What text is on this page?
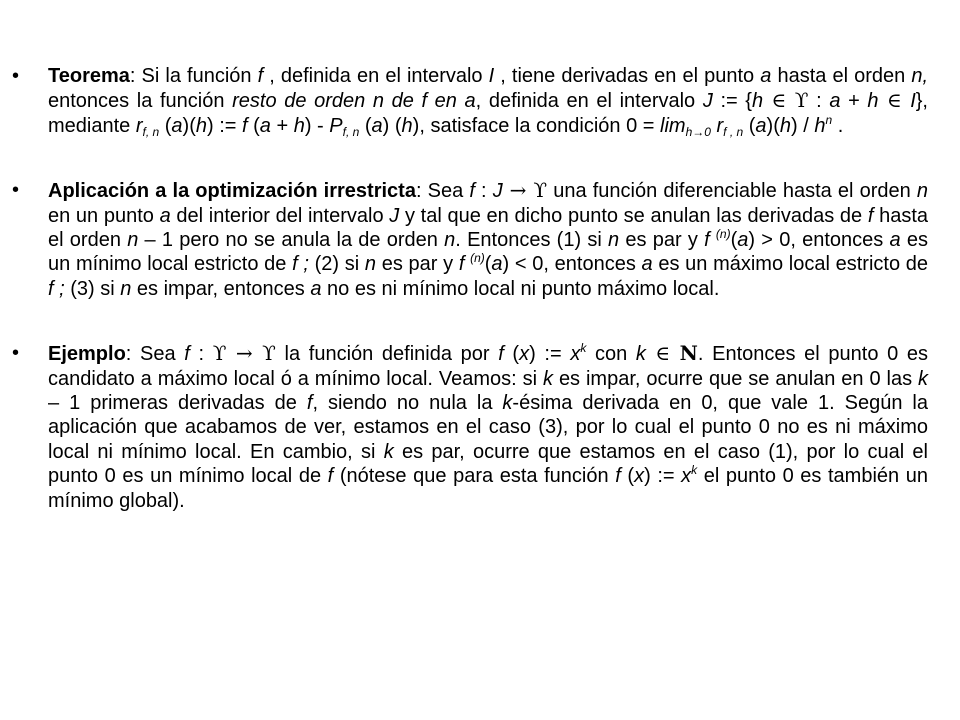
• Teorema: Si la función f , definida en el intervalo I , tiene derivadas en el punto a hasta el orden n, entonces la función resto de orden n de f en a, definida en el intervalo J := {h ∈ ϒ : a + h ∈ I}, mediante $r_{f, n}$ (a)(h) := f $(a + h) - P_{f, n}$ (a) (h), satisface la condición $0 = \lim_{h\to 0} r_{f , n}$ $(a)(h) / h^n$ .

• Aplicación a la optimización irrestricta: Sea f : J → ϒ una función diferenciable hasta el orden n en un punto a del interior del intervalo J y tal que en dicho punto se anulan las derivadas de f hasta el orden n – 1 pero no se anula la de orden n. Entonces (1) si n es par y f $^{(n)}$(a) > 0, entonces a es un mínimo local estricto de f ; (2) si n es par y f $^{(n)}$(a) < 0, entonces a es un máximo local estricto de f ; (3) si n es impar, entonces a no es ni mínimo local ni punto máximo local.

• Ejemplo: Sea f : ϒ → ϒ la función definida por f (x) := $x^k$ con k ∈ N. Entonces el punto 0 es candidato a máximo local ó a mínimo local. Veamos: si k es impar, ocurre que se anulan en 0 las k – 1 primeras derivadas de f, siendo no nula la k-ésima derivada en 0, que vale 1. Según la aplicación que acabamos de ver, estamos en el caso (3), por lo cual el punto 0 no es ni máximo local ni mínimo local. En cambio, si k es par, ocurre que estamos en el caso (1), por lo cual el punto 0 es un mínimo local de f (nótese que para esta función f (x) := $x^k$ el punto 0 es también un mínimo global).
